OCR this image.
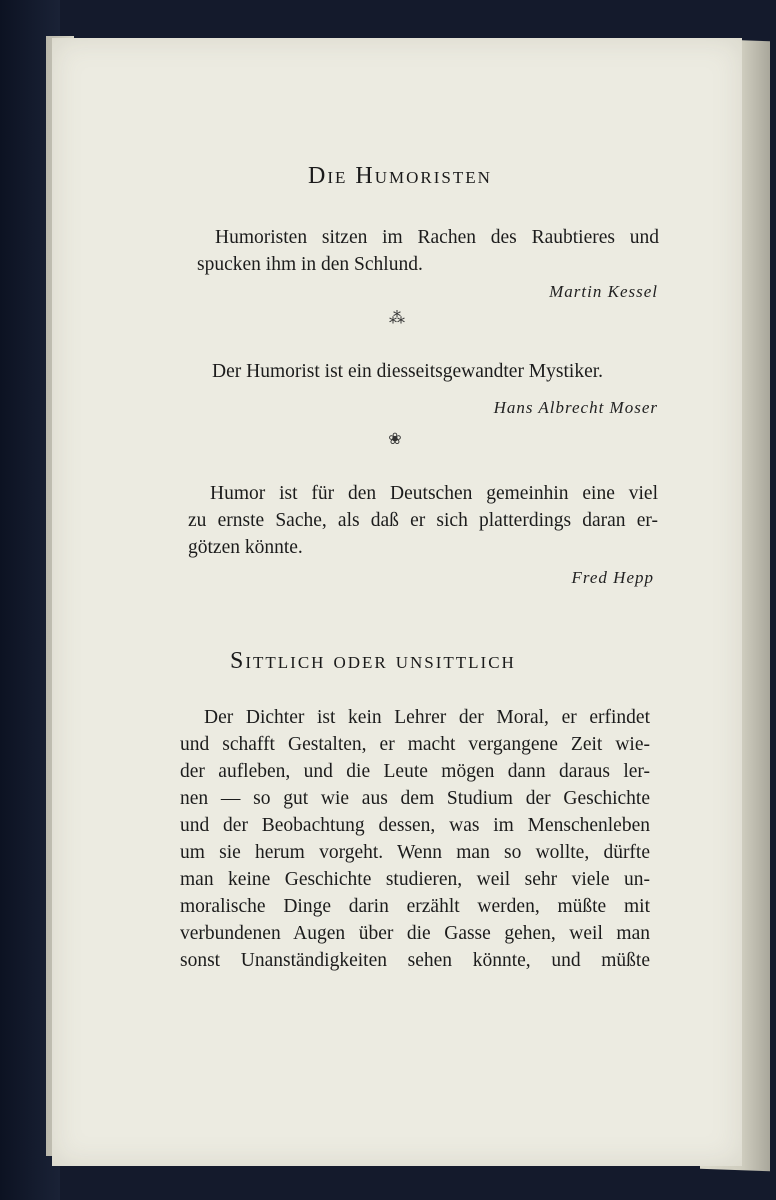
Die Humoristen
Humoristen sitzen im Rachen des Raubtieres und
spucken ihm in den Schlund.
Martin Kessel
⁂
Der Humorist ist ein diesseitsgewandter Mystiker.
Hans Albrecht Moser
❀
Humor ist für den Deutschen gemeinhin eine viel
zu ernste Sache, als daß er sich platterdings daran er-
götzen könnte.
Fred Hepp
Sittlich oder unsittlich
Der Dichter ist kein Lehrer der Moral, er erfindet
und schafft Gestalten, er macht vergangene Zeit wie-
der aufleben, und die Leute mögen dann daraus ler-
nen — so gut wie aus dem Studium der Geschichte
und der Beobachtung dessen, was im Menschenleben
um sie herum vorgeht. Wenn man so wollte, dürfte
man keine Geschichte studieren, weil sehr viele un-
moralische Dinge darin erzählt werden, müßte mit
verbundenen Augen über die Gasse gehen, weil man
sonst Unanständigkeiten sehen könnte, und müßte
